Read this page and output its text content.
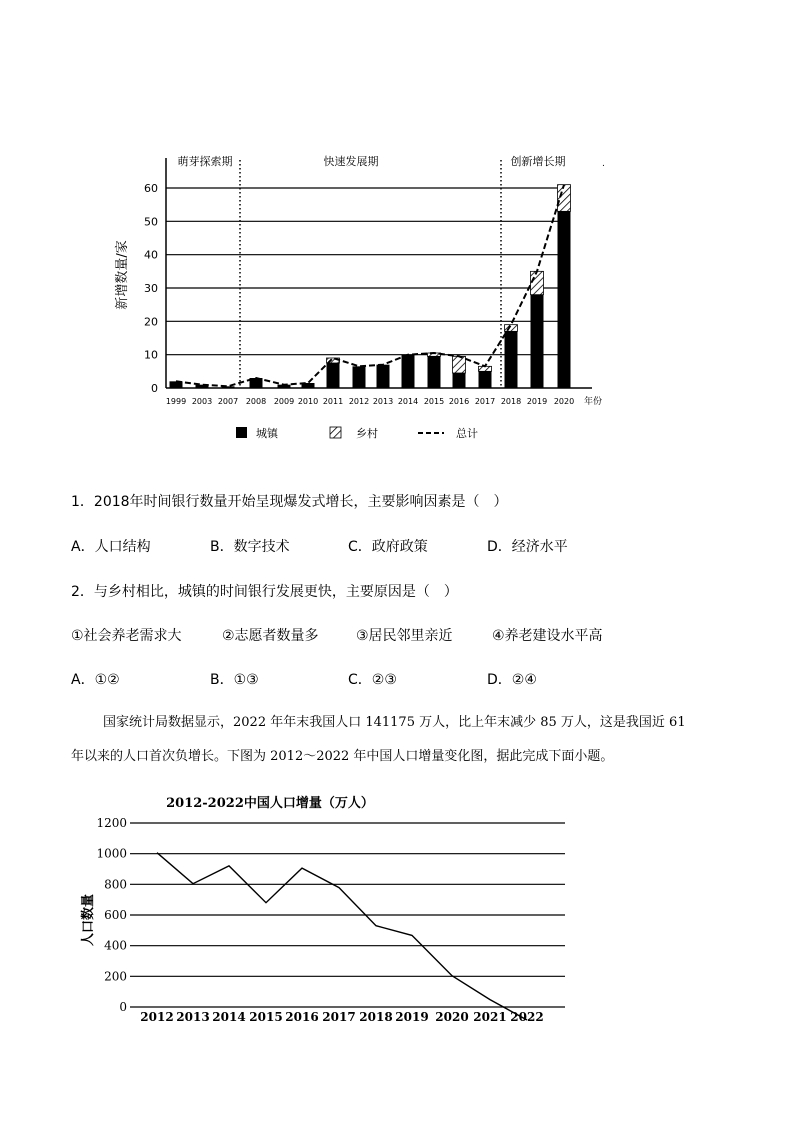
萌芽探索期	快速发展期	创新增长期	.
0
10
20
30
40
50
60
1999 2003 2007 2008 2009 2010 2011 2012 2013 2014 2015 2016 2017 2018 2019 2020
新增数量/家
年份
城镇	乡村	总计
1．2018年时间银行数量开始呈现爆发式增长，主要影响因素是（　）
A．人口结构	B．数字技术	C．政府政策	D．经济水平
2．与乡村相比，城镇的时间银行发展更快，主要原因是（　）
①社会养老需求大	②志愿者数量多	③居民邻里亲近	④养老建设水平高
A．①②	B．①③	C．②③	D．②④
国家统计局数据显示，2022 年年末我国人口 141175 万人，比上年末减少 85 万人，这是我国近 61
年以来的人口首次负增长。下图为 2012～2022 年中国人口增量变化图，据此完成下面小题。
2012-2022中国人口增量（万人）
0
200
400
600
800
1000
1200
2012 2013 2014 2015 2016 2017 2018 2019 2020 2021 2022
人口数量
